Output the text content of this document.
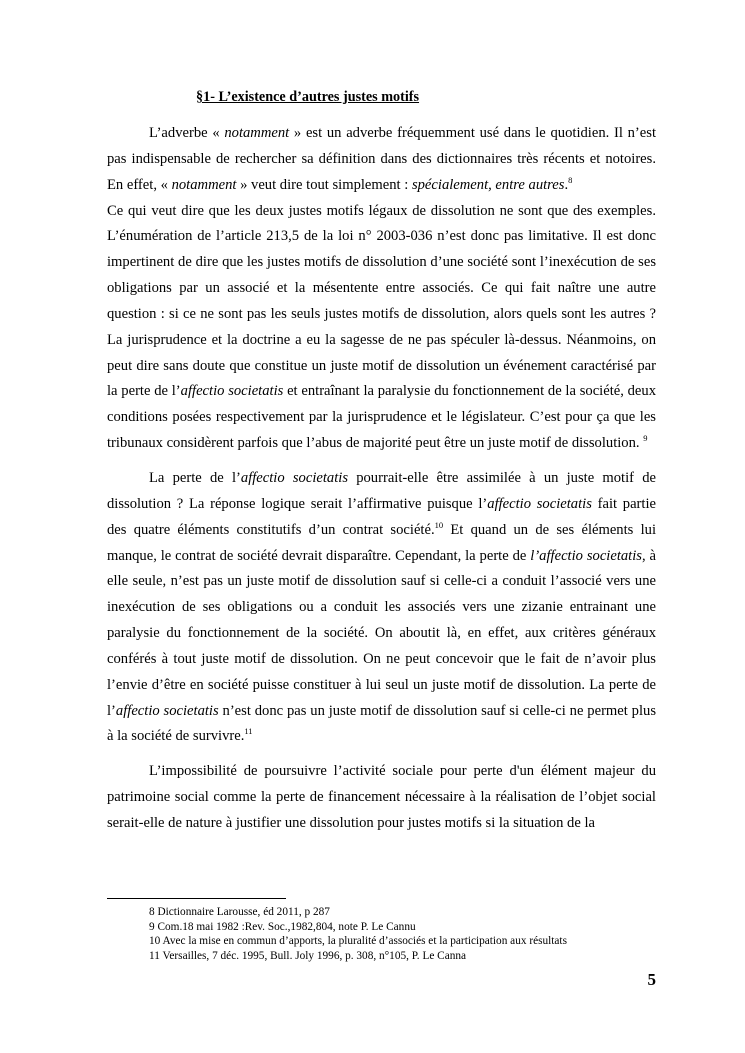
§1- L’existence d’autres justes motifs

L’adverbe « notamment » est un adverbe fréquemment usé dans le quotidien. Il n’est pas indispensable de rechercher sa définition dans des dictionnaires très récents et notoires. En effet, « notamment » veut dire tout simplement : spécialement, entre autres.$^8$
Ce qui veut dire que les deux justes motifs légaux de dissolution ne sont que des exemples. L’énumération de l’article 213,5 de la loi n° 2003-036 n’est donc pas limitative. Il est donc impertinent de dire que les justes motifs de dissolution d’une société sont l’inexécution de ses obligations par un associé et la mésentente entre associés. Ce qui fait naître une autre question : si ce ne sont pas les seuls justes motifs de dissolution, alors quels sont les autres ? La jurisprudence et la doctrine a eu la sagesse de ne pas spéculer là-dessus. Néanmoins, on peut dire sans doute que constitue un juste motif de dissolution un événement caractérisé par la perte de l’affectio societatis et entraînant la paralysie du fonctionnement de la société, deux conditions posées respectivement par la jurisprudence et le législateur. C’est pour ça que les tribunaux considèrent parfois que l’abus de majorité peut être un juste motif de dissolution. $^9$

La perte de l’affectio societatis pourrait-elle être assimilée à un juste motif de dissolution ? La réponse logique serait l’affirmative puisque l’affectio societatis fait partie des quatre éléments constitutifs d’un contrat société.$^{10}$ Et quand un de ses éléments lui manque, le contrat de société devrait disparaître. Cependant, la perte de l’affectio societatis, à elle seule, n’est pas un juste motif de dissolution sauf si celle-ci a conduit l’associé vers une inexécution de ses obligations ou a conduit les associés vers une zizanie entrainant une paralysie du fonctionnement de la société. On aboutit là, en effet, aux critères généraux conférés à tout juste motif de dissolution. On ne peut concevoir que le fait de n’avoir plus l’envie d’être en société puisse constituer à lui seul un juste motif de dissolution. La perte de l’affectio societatis n’est donc pas un juste motif de dissolution sauf si celle-ci ne permet plus à la société de survivre.$^{11}$

L’impossibilité de poursuivre l’activité sociale pour perte d'un élément majeur du patrimoine social comme la perte de financement nécessaire à la réalisation de l’objet social serait-elle de nature à justifier une dissolution pour justes motifs si la situation de la

8 Dictionnaire Larousse, éd 2011, p 287
9 Com.18 mai 1982 :Rev. Soc.,1982,804, note P. Le Cannu
10 Avec la mise en commun d’apports, la pluralité d’associés et la participation aux résultats
11 Versailles, 7 déc. 1995, Bull. Joly 1996, p. 308, n°105, P. Le Canna
5
